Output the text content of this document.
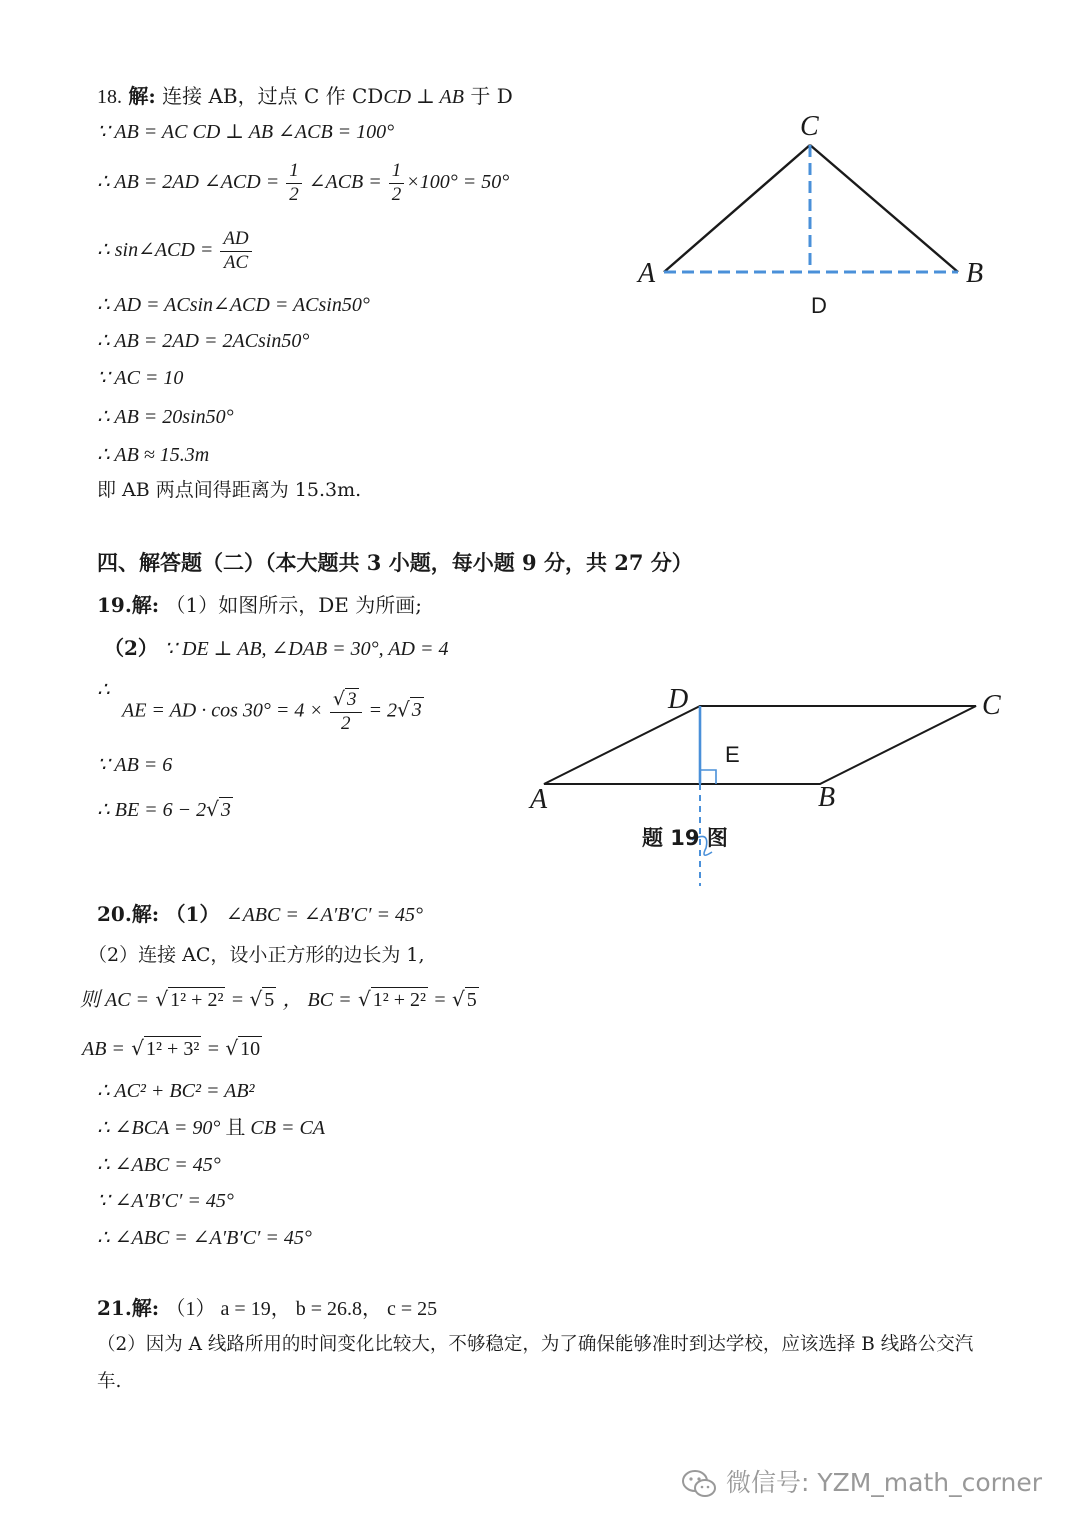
18. 解: 连接 AB，过点 C 作 CDCD ⊥ AB 于 D
∵ AB = AC CD ⊥ AB ∠ACB = 100°
∴ AB = 2AD ∠ACD = $\frac{1}{2}$ ∠ACB = $\frac{1}{2} \times 100^\circ = 50^\circ$
∴ sin∠ACD = $\frac{AD}{AC}$
∴ AD = ACsin∠ACD = ACsin50°
∴ AB = 2AD = 2ACsin50°
∵ AC = 10
∴ AB = 20sin50°
∴ AB ≈ 15.3m
即 AB 两点间得距离为 15.3m.
C
A	B
D
四、解答题（二）（本大题共 3 小题，每小题 9 分，共 27 分）
19.解: （1）如图所示，DE 为所画;
（2） ∵ DE ⊥ AB, ∠DAB = 30°, AD = 4
∴
AE = AD · $\cos 30^\circ = 4 \times \frac{√ 3}{2} = 2√$ 3
∵ AB = 6
∴ BE = 6 − 2√ 3
D	C
A	B
E
题 19 图
20.解: （1） ∠ABC = ∠A′B′C′ = 45°
（2）连接 AC，设小正方形的边长为 1,
则 AC = √ 1² + 2² = √ 5 ， BC = √ 1² + 2² = √ 5
AB = √ 1² + 3² = √ 10
∴ AC² + BC² = AB²
∴ ∠BCA = 90° 且 CB = CA
∴ ∠ABC = 45°
∵ ∠A′B′C′ = 45°
∴ ∠ABC = ∠A′B′C′ = 45°
21.解: （1） a = 19， b = 26.8， c = 25
（2）因为 A 线路所用的时间变化比较大，不够稳定，为了确保能够准时到达学校，应该选择 B 线路公交汽
车.
微信号: YZM_math_corner
